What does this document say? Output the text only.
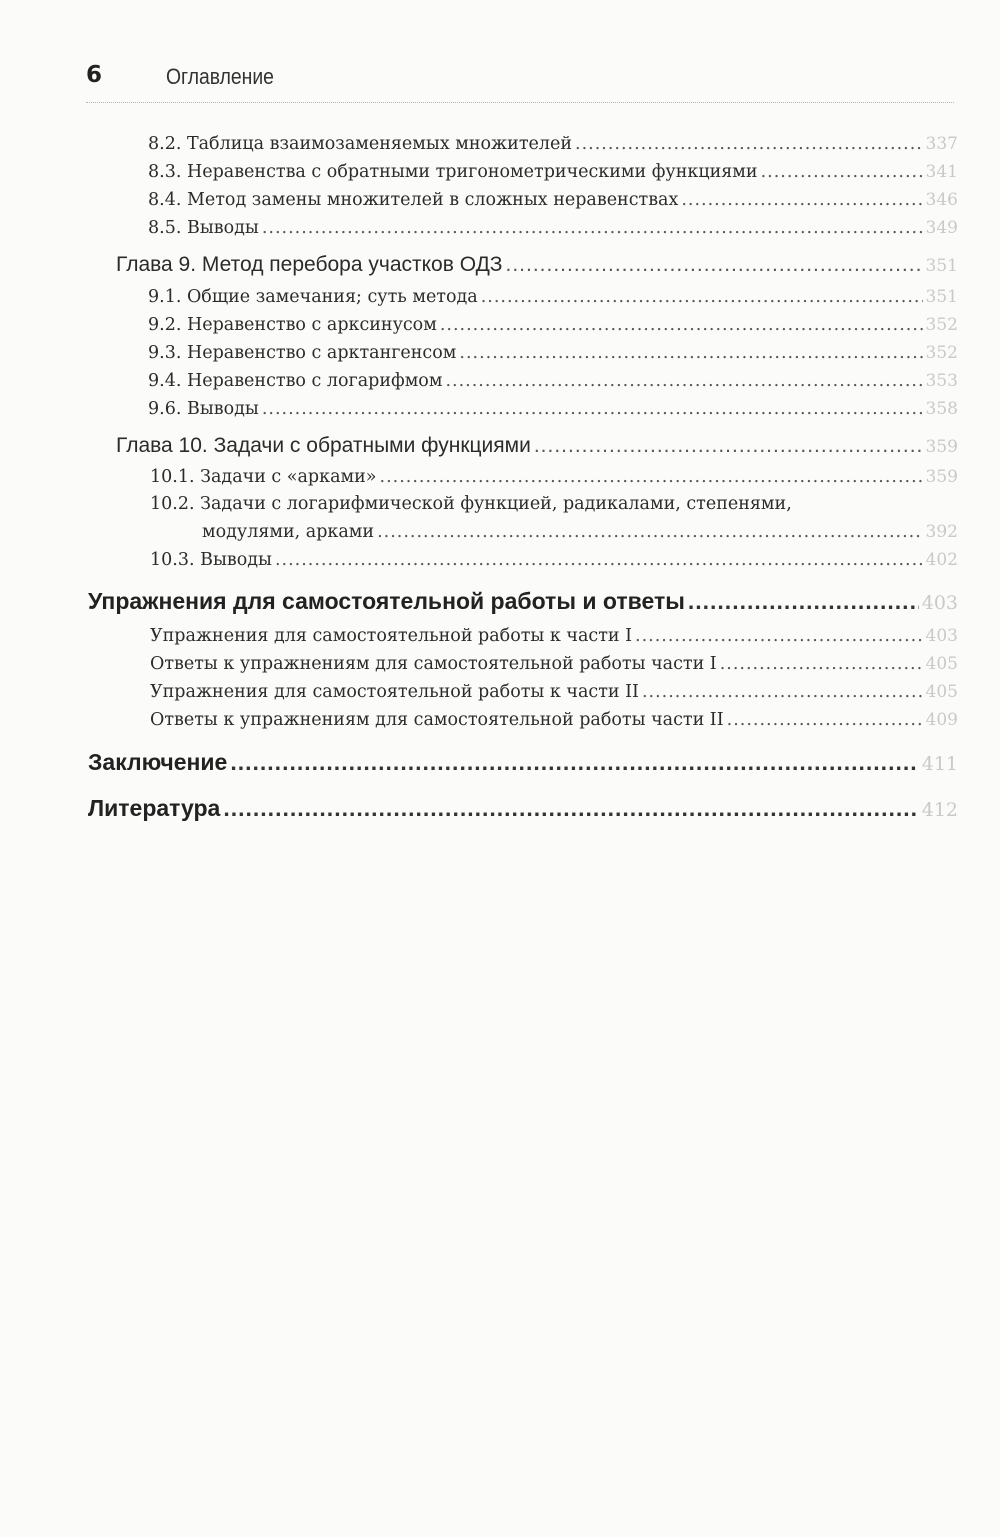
6	Оглавление
8.2. Таблица взаимозаменяемых множителей .....	337
8.3. Неравенства с обратными тригонометрическими функциями .....	341
8.4. Метод замены множителей в сложных неравенствах .....	346
8.5. Выводы .....	349
Глава 9. Метод перебора участков ОДЗ .....	351
9.1. Общие замечания; суть метода .....	351
9.2. Неравенство с арксинусом .....	352
9.3. Неравенство с арктангенсом .....	352
9.4. Неравенство с логарифмом .....	353
9.6. Выводы .....	358
Глава 10. Задачи с обратными функциями .....	359
10.1. Задачи с «арками» .....	359
10.2. Задачи с логарифмической функцией, радикалами, степенями,
модулями, арками .....	392
10.3. Выводы .....	402
Упражнения для самостоятельной работы и ответы .....	403
Упражнения для самостоятельной работы к части I .....	403
Ответы к упражнениям для самостоятельной работы части I .....	405
Упражнения для самостоятельной работы к части II .....	405
Ответы к упражнениям для самостоятельной работы части II .....	409
Заключение .....	411
Литература .....	412
